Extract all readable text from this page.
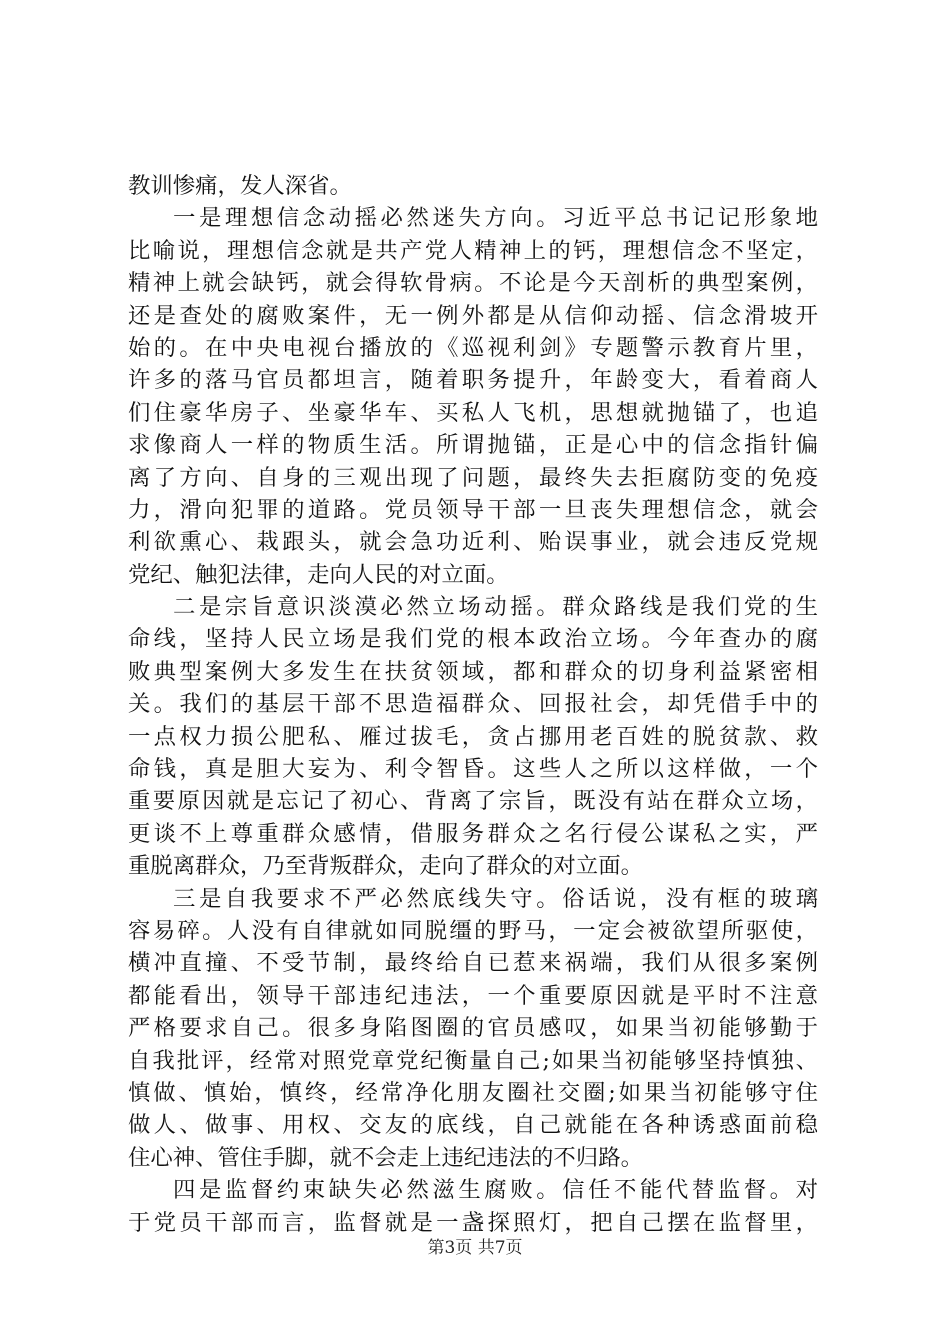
教训惨痛，发人深省。
一是理想信念动摇必然迷失方向。习近平总书记记形象地
比喻说，理想信念就是共产党人精神上的钙，理想信念不坚定，
精神上就会缺钙，就会得软骨病。不论是今天剖析的典型案例，
还是查处的腐败案件，无一例外都是从信仰动摇、信念滑坡开
始的。在中央电视台播放的《巡视利剑》专题警示教育片里，
许多的落马官员都坦言，随着职务提升，年龄变大，看着商人
们住豪华房子、坐豪华车、买私人飞机，思想就抛锚了，也追
求像商人一样的物质生活。所谓抛锚，正是心中的信念指针偏
离了方向、自身的三观出现了问题，最终失去拒腐防变的免疫
力，滑向犯罪的道路。党员领导干部一旦丧失理想信念，就会
利欲熏心、栽跟头，就会急功近利、贻误事业，就会违反党规
党纪、触犯法律，走向人民的对立面。
二是宗旨意识淡漠必然立场动摇。群众路线是我们党的生
命线，坚持人民立场是我们党的根本政治立场。今年查办的腐
败典型案例大多发生在扶贫领域，都和群众的切身利益紧密相
关。我们的基层干部不思造福群众、回报社会，却凭借手中的
一点权力损公肥私、雁过拔毛，贪占挪用老百姓的脱贫款、救
命钱，真是胆大妄为、利令智昏。这些人之所以这样做，一个
重要原因就是忘记了初心、背离了宗旨，既没有站在群众立场，
更谈不上尊重群众感情，借服务群众之名行侵公谋私之实，严
重脱离群众，乃至背叛群众，走向了群众的对立面。
三是自我要求不严必然底线失守。俗话说，没有框的玻璃
容易碎。人没有自律就如同脱缰的野马，一定会被欲望所驱使，
横冲直撞、不受节制，最终给自已惹来祸端，我们从很多案例
都能看出，领导干部违纪违法，一个重要原因就是平时不注意
严格要求自己。很多身陷图圈的官员感叹，如果当初能够勤于
自我批评，经常对照党章党纪衡量自己;如果当初能够坚持慎独、
慎做、慎始，慎终，经常净化朋友圈社交圈;如果当初能够守住
做人、做事、用权、交友的底线，自己就能在各种诱惑面前稳
住心神、管住手脚，就不会走上违纪违法的不归路。
四是监督约束缺失必然滋生腐败。信任不能代替监督。对
于党员干部而言，监督就是一盏探照灯，把自己摆在监督里，
第3页 共7页
